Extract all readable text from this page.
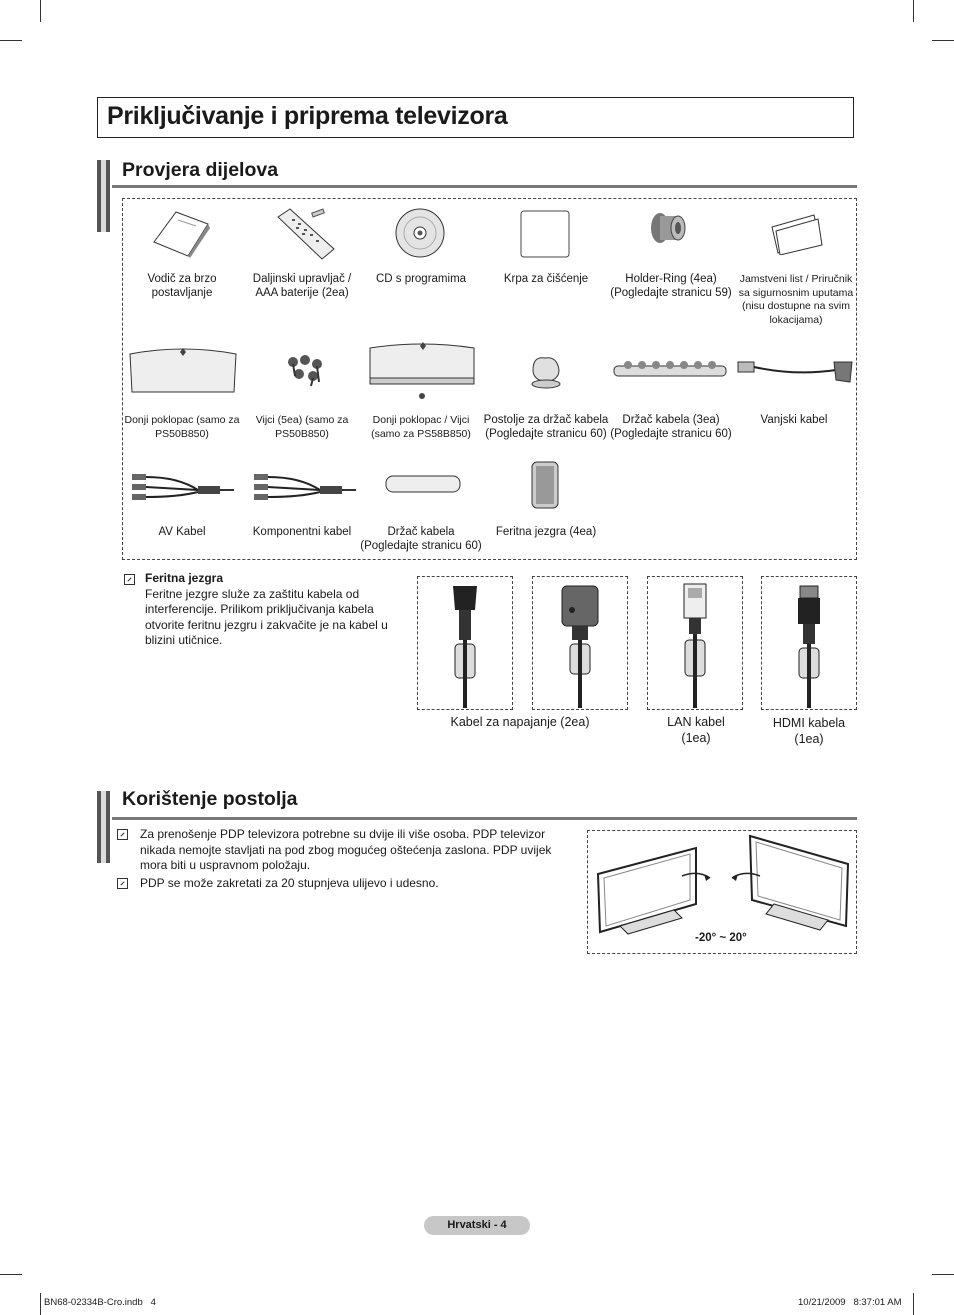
Priključivanje i priprema televizora
Provjera dijelova
Vodič za brzo postavljanje
Daljinski upravljač / AAA baterije (2ea)
CD s programima	Krpa za čišćenje	Holder-Ring (4ea) (Pogledajte stranicu 59)
Jamstveni list / Priručnik sa sigurnosnim uputama (nisu dostupne na svim lokacijama)
Donji poklopac (samo za PS50B850)
Vijci (5ea) (samo za PS50B850)
Donji poklopac / Vijci (samo za PS58B850)
Postolje za držač kabela (Pogledajte stranicu 60)
Držač kabela (3ea) (Pogledajte stranicu 60)
Vanjski kabel
AV Kabel	Komponentni kabel	Držač kabela (Pogledajte stranicu 60)
Feritna jezgra (4ea)
Feritna jezgra
Feritne jezgre služe za zaštitu kabela od interferencije. Prilikom priključivanja kabela otvorite feritnu jezgru i zakvačite je na kabel u blizini utičnice.
Kabel za napajanje (2ea)	LAN kabel (1ea)
HDMI kabela (1ea)
Korištenje postolja
Za prenošenje PDP televizora potrebne su dvije ili više osoba. PDP televizor nikada nemojte stavljati na pod zbog mogućeg oštećenja zaslona. PDP uvijek mora biti u uspravnom položaju.
PDP se može zakretati za 20 stupnjeva ulijevo i udesno.
-20° ~ 20°
Hrvatski - 4
BN68-02334B-Cro.indb   4	10/21/2009   8:37:01 AM
